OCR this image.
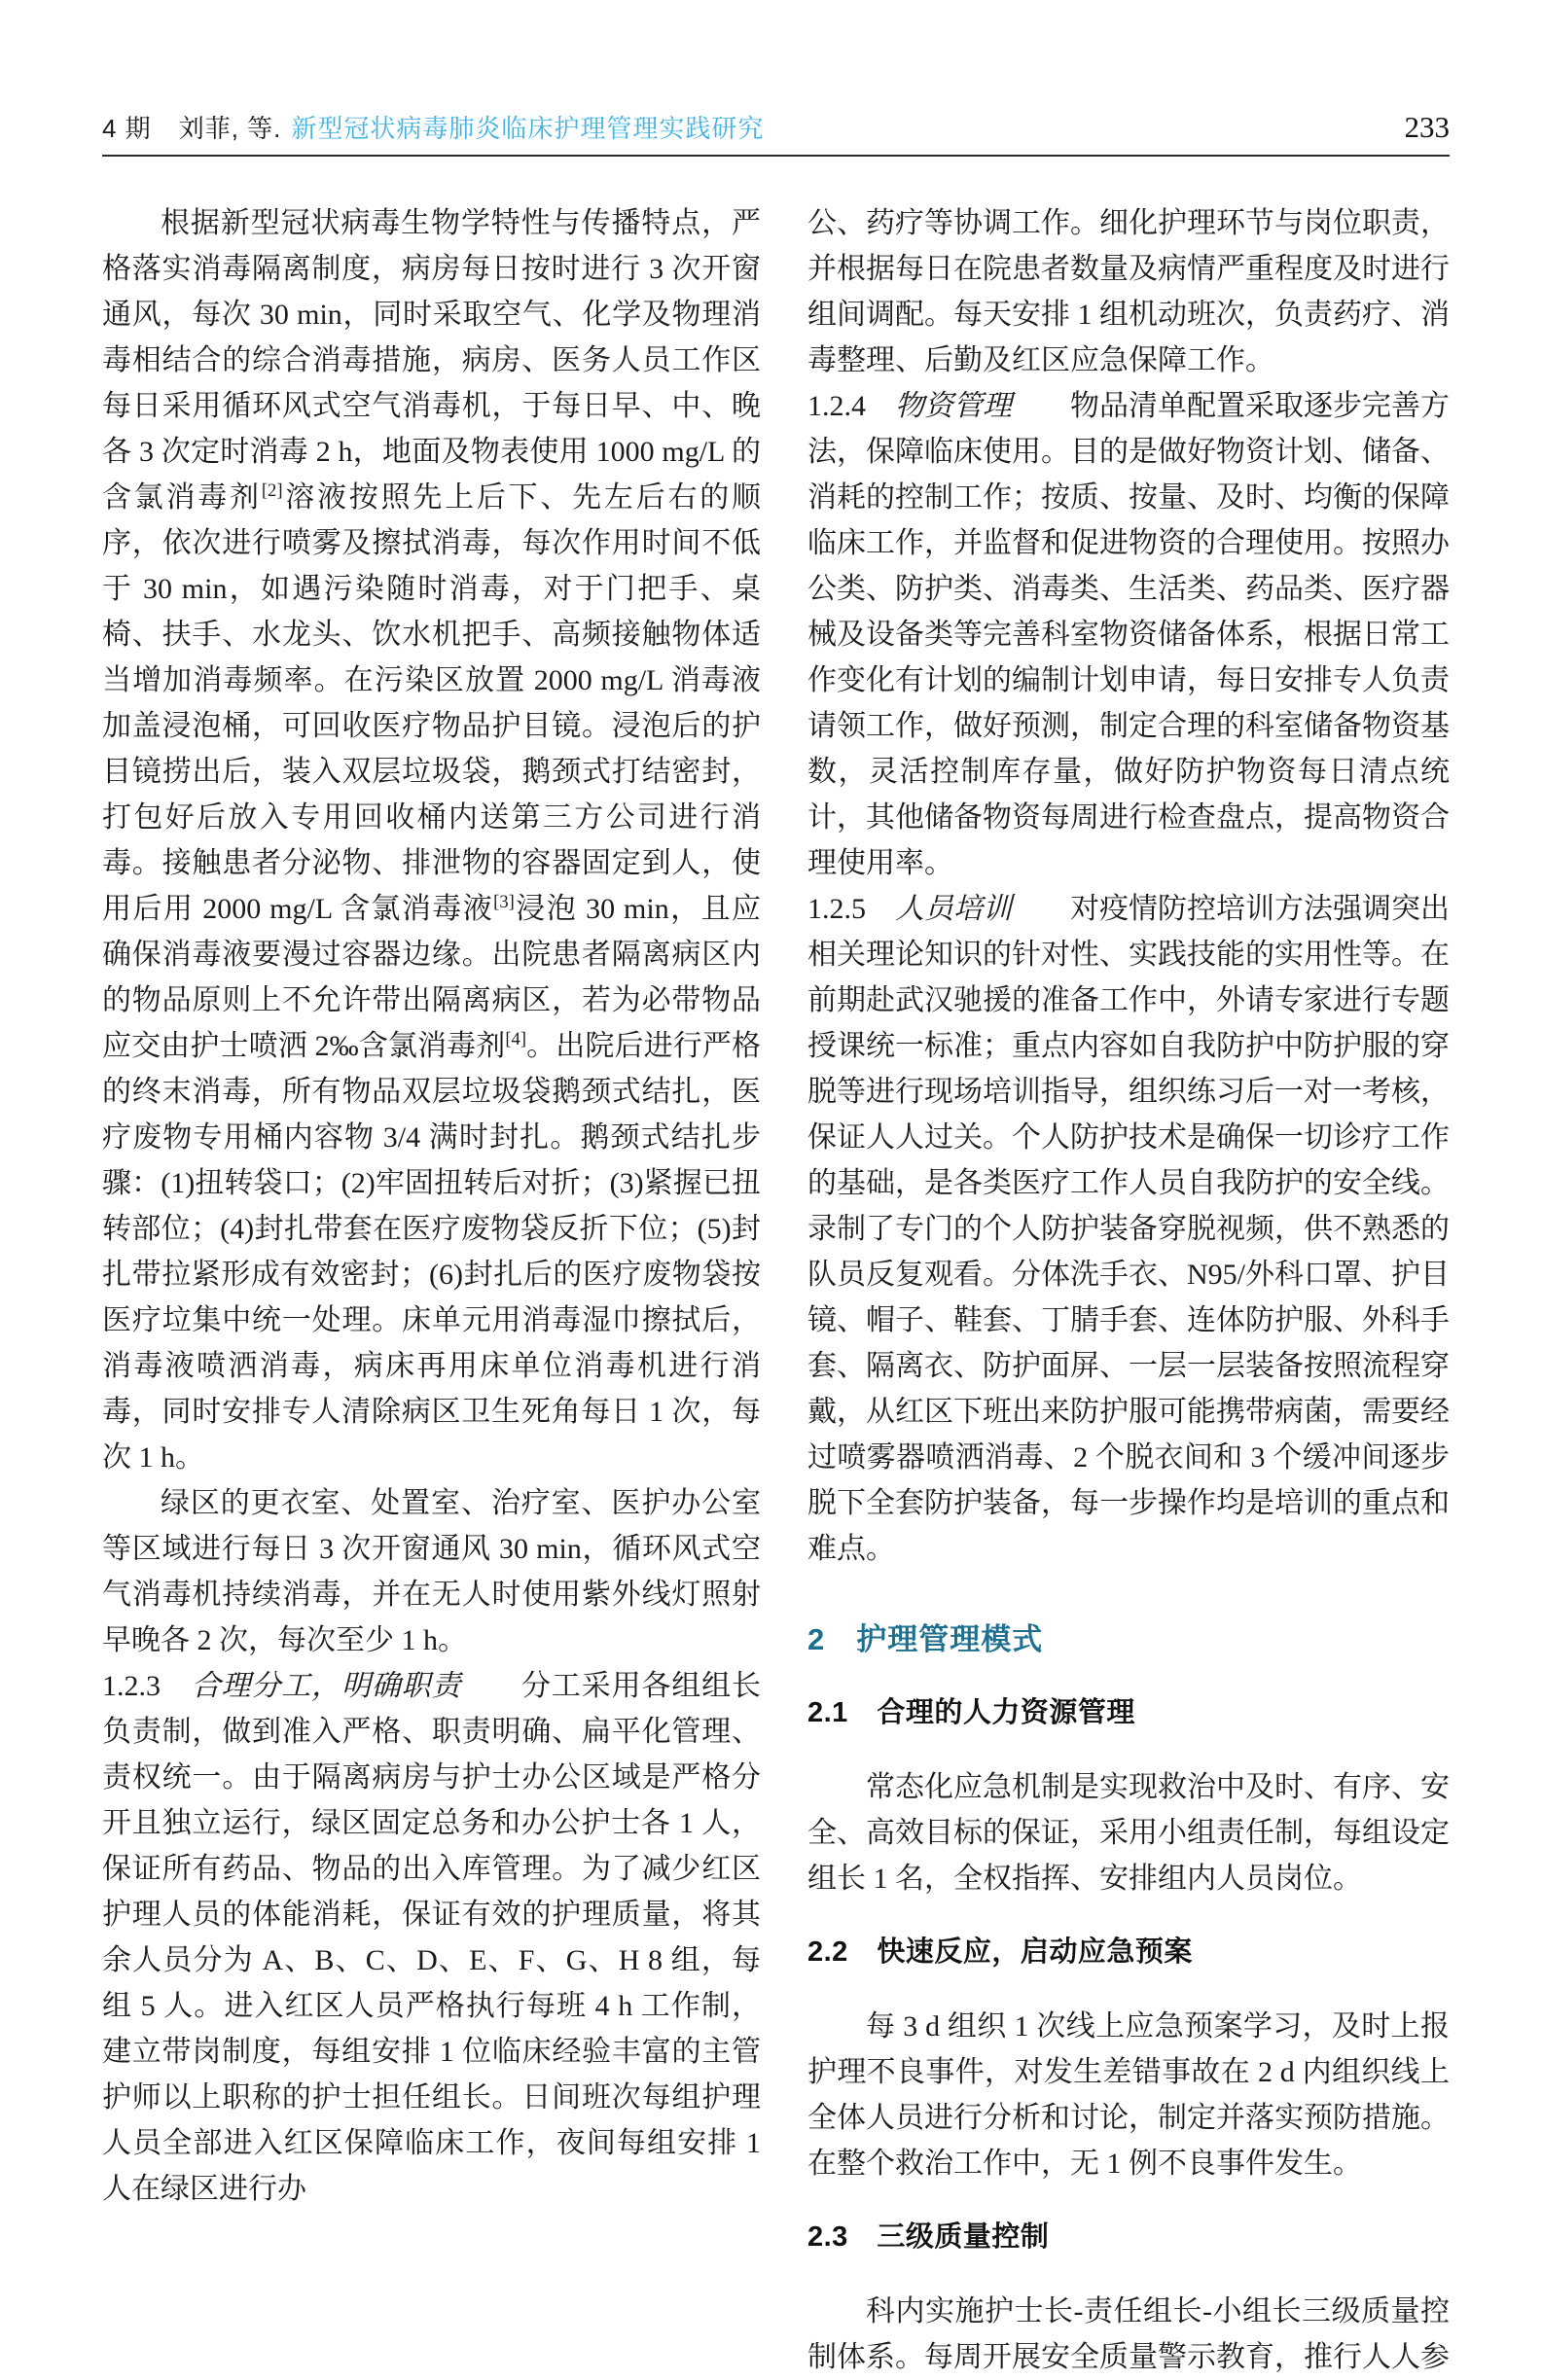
4 期 刘菲, 等. 新型冠状病毒肺炎临床护理管理实践研究	233

根据新型冠状病毒生物学特性与传播特点，严格落实消毒隔离制度，病房每日按时进行 3 次开窗通风，每次 30 min，同时采取空气、化学及物理消毒相结合的综合消毒措施，病房、医务人员工作区每日采用循环风式空气消毒机，于每日早、中、晚各 3 次定时消毒 2 h，地面及物表使用 1000 mg/L 的含氯消毒剂[2]溶液按照先上后下、先左后右的顺序，依次进行喷雾及擦拭消毒，每次作用时间不低于 30 min，如遇污染随时消毒，对于门把手、桌椅、扶手、水龙头、饮水机把手、高频接触物体适当增加消毒频率。在污染区放置 2000 mg/L 消毒液加盖浸泡桶，可回收医疗物品护目镜。浸泡后的护目镜捞出后，装入双层垃圾袋，鹅颈式打结密封，打包好后放入专用回收桶内送第三方公司进行消毒。接触患者分泌物、排泄物的容器固定到人，使用后用 2000 mg/L 含氯消毒液[3]浸泡 30 min，且应确保消毒液要漫过容器边缘。出院患者隔离病区内的物品原则上不允许带出隔离病区，若为必带物品应交由护士喷洒 2‰含氯消毒剂[4]。出院后进行严格的终末消毒，所有物品双层垃圾袋鹅颈式结扎，医疗废物专用桶内容物 3/4 满时封扎。鹅颈式结扎步骤：(1)扭转袋口；(2)牢固扭转后对折；(3)紧握已扭转部位；(4)封扎带套在医疗废物袋反折下位；(5)封扎带拉紧形成有效密封；(6)封扎后的医疗废物袋按医疗垃集中统一处理。床单元用消毒湿巾擦拭后，消毒液喷洒消毒，病床再用床单位消毒机进行消毒，同时安排专人清除病区卫生死角每日 1 次，每次 1 h。

绿区的更衣室、处置室、治疗室、医护办公室等区域进行每日 3 次开窗通风 30 min，循环风式空气消毒机持续消毒，并在无人时使用紫外线灯照射早晚各 2 次，每次至少 1 h。

1.2.3　合理分工，明确职责　　分工采用各组组长负责制，做到准入严格、职责明确、扁平化管理、责权统一。由于隔离病房与护士办公区域是严格分开且独立运行，绿区固定总务和办公护士各 1 人，保证所有药品、物品的出入库管理。为了减少红区护理人员的体能消耗，保证有效的护理质量，将其余人员分为 A、B、C、D、E、F、G、H 8 组，每组 5 人。进入红区人员严格执行每班 4 h 工作制，建立带岗制度，每组安排 1 位临床经验丰富的主管护师以上职称的护士担任组长。日间班次每组护理人员全部进入红区保障临床工作，夜间每组安排 1 人在绿区进行办

公、药疗等协调工作。细化护理环节与岗位职责，并根据每日在院患者数量及病情严重程度及时进行组间调配。每天安排 1 组机动班次，负责药疗、消毒整理、后勤及红区应急保障工作。

1.2.4　物资管理　　物品清单配置采取逐步完善方法，保障临床使用。目的是做好物资计划、储备、消耗的控制工作；按质、按量、及时、均衡的保障临床工作，并监督和促进物资的合理使用。按照办公类、防护类、消毒类、生活类、药品类、医疗器械及设备类等完善科室物资储备体系，根据日常工作变化有计划的编制计划申请，每日安排专人负责请领工作，做好预测，制定合理的科室储备物资基数，灵活控制库存量，做好防护物资每日清点统计，其他储备物资每周进行检查盘点，提高物资合理使用率。

1.2.5　人员培训　　对疫情防控培训方法强调突出相关理论知识的针对性、实践技能的实用性等。在前期赴武汉驰援的准备工作中，外请专家进行专题授课统一标准；重点内容如自我防护中防护服的穿脱等进行现场培训指导，组织练习后一对一考核，保证人人过关。个人防护技术是确保一切诊疗工作的基础，是各类医疗工作人员自我防护的安全线。录制了专门的个人防护装备穿脱视频，供不熟悉的队员反复观看。分体洗手衣、N95/外科口罩、护目镜、帽子、鞋套、丁腈手套、连体防护服、外科手套、隔离衣、防护面屏、一层一层装备按照流程穿戴，从红区下班出来防护服可能携带病菌，需要经过喷雾器喷洒消毒、2 个脱衣间和 3 个缓冲间逐步脱下全套防护装备，每一步操作均是培训的重点和难点。

2　护理管理模式
2.1　合理的人力资源管理

常态化应急机制是实现救治中及时、有序、安全、高效目标的保证，采用小组责任制，每组设定组长 1 名，全权指挥、安排组内人员岗位。

2.2　快速反应，启动应急预案

每 3 d 组织 1 次线上应急预案学习，及时上报护理不良事件，对发生差错事故在 2 d 内组织线上全体人员进行分析和讨论，制定并落实预防措施。在整个救治工作中，无 1 例不良事件发生。

2.3　三级质量控制

科内实施护士长-责任组长-小组长三级质量控制体系。每周开展安全质量警示教育，推行人人参
